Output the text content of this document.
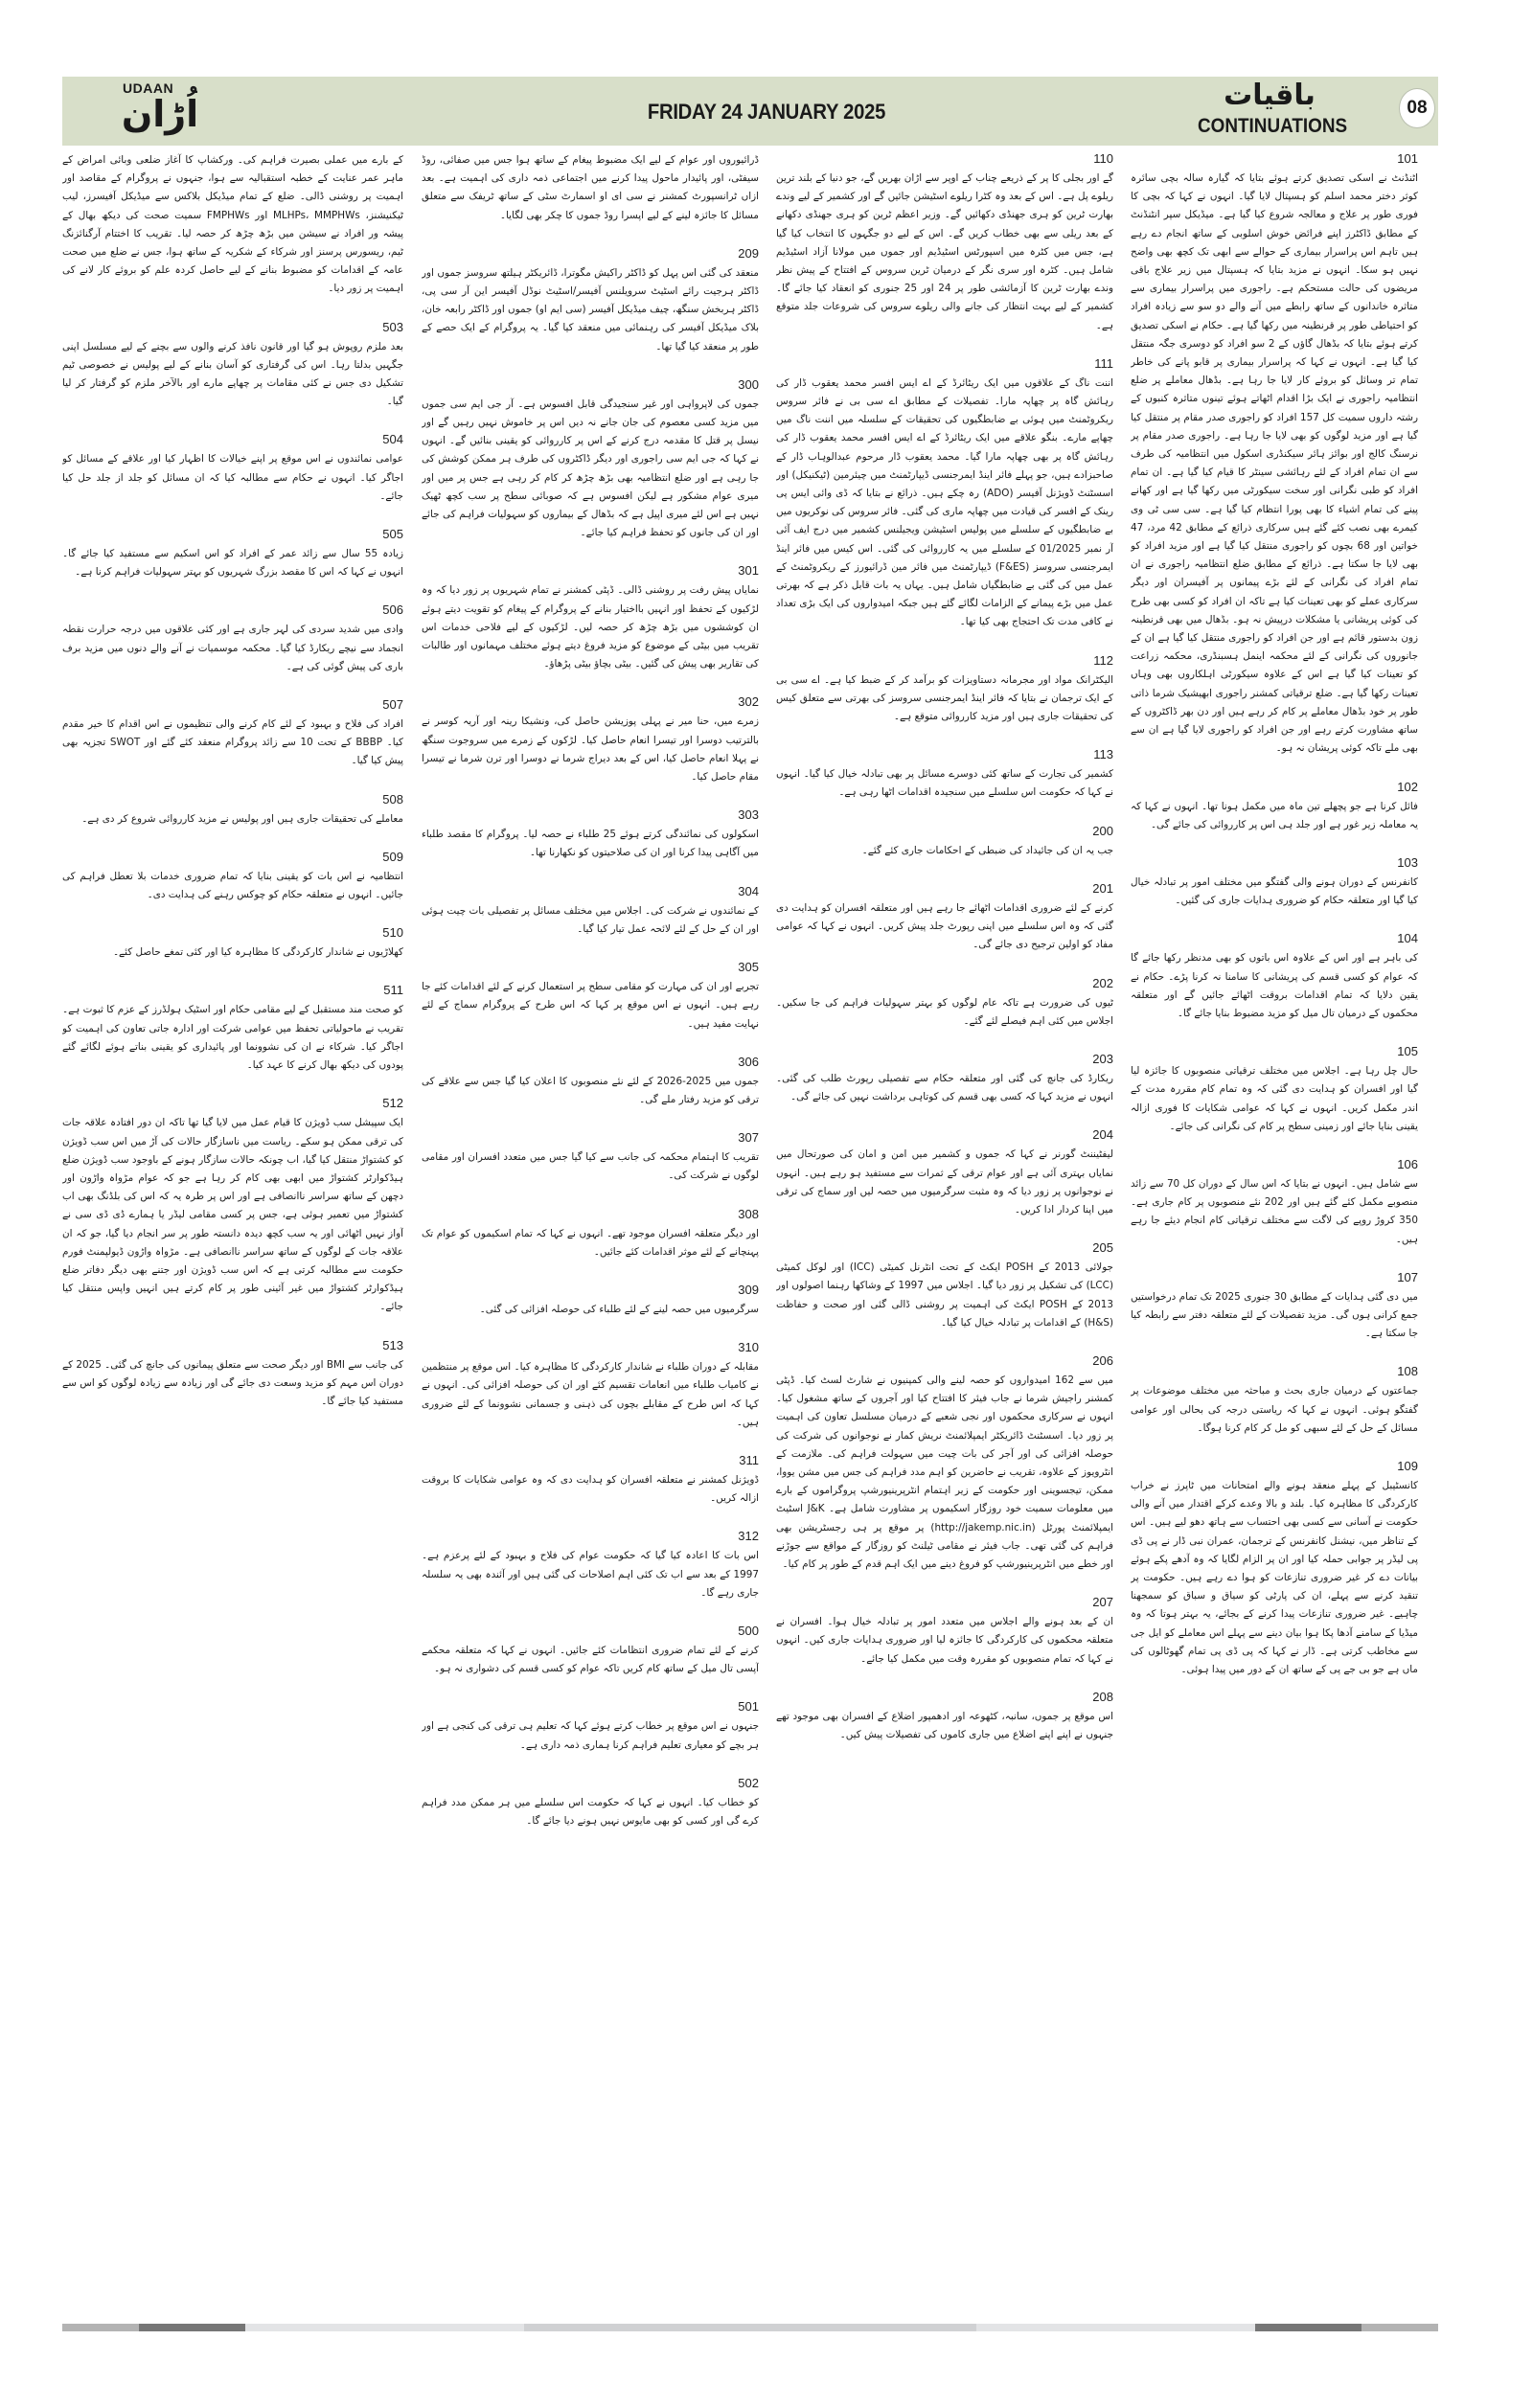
UDAAN
اُڑان	FRIDAY 24 JANUARY 2025	باقیات
CONTINUATIONS
08

کے بارے میں عملی بصیرت فراہم کی۔ ورکشاپ کا آغاز ضلعی وبائی امراض کے ماہر عمر عنایت کے خطبہ استقبالیہ سے ہوا، جنہوں نے پروگرام کے مقاصد اور اہمیت پر روشنی ڈالی۔ ضلع کے تمام میڈیکل بلاکس سے میڈیکل آفیسرز، لیب ٹیکنیشنز، MLHPs، MMPHWs اور FMPHWs سمیت صحت کی دیکھ بھال کے پیشہ ور افراد نے سیشن میں بڑھ چڑھ کر حصہ لیا۔ تقریب کا اختتام آرگنائزنگ ٹیم، ریسورس پرسنز اور شرکاء کے شکریہ کے ساتھ ہوا، جس نے ضلع میں صحت عامہ کے اقدامات کو مضبوط بنانے کے لیے حاصل کردہ علم کو بروئے کار لانے کی اہمیت پر زور دیا۔

503

بعد ملزم روپوش ہو گیا اور قانون نافذ کرنے والوں سے بچنے کے لیے مسلسل اپنی جگہیں بدلتا رہا۔ اس کی گرفتاری کو آسان بنانے کے لیے پولیس نے خصوصی ٹیم تشکیل دی جس نے کئی مقامات پر چھاپے مارے اور بالآخر ملزم کو گرفتار کر لیا گیا۔

504

عوامی نمائندوں نے اس موقع پر اپنے خیالات کا اظہار کیا اور علاقے کے مسائل کو اجاگر کیا۔ انہوں نے حکام سے مطالبہ کیا کہ ان مسائل کو جلد از جلد حل کیا جائے۔

505

زیادہ 55 سال سے زائد عمر کے افراد کو اس اسکیم سے مستفید کیا جائے گا۔ انہوں نے کہا کہ اس کا مقصد بزرگ شہریوں کو بہتر سہولیات فراہم کرنا ہے۔

506

وادی میں شدید سردی کی لہر جاری ہے اور کئی علاقوں میں درجہ حرارت نقطہ انجماد سے نیچے ریکارڈ کیا گیا۔ محکمہ موسمیات نے آنے والے دنوں میں مزید برف باری کی پیش گوئی کی ہے۔

507

افراد کی فلاح و بہبود کے لئے کام کرنے والی تنظیموں نے اس اقدام کا خیر مقدم کیا۔ BBBP کے تحت 10 سے زائد پروگرام منعقد کئے گئے اور SWOT تجزیہ بھی پیش کیا گیا۔

508

معاملے کی تحقیقات جاری ہیں اور پولیس نے مزید کارروائی شروع کر دی ہے۔

509

انتظامیہ نے اس بات کو یقینی بنایا کہ تمام ضروری خدمات بلا تعطل فراہم کی جائیں۔ انہوں نے متعلقہ حکام کو چوکس رہنے کی ہدایت دی۔

510

کھلاڑیوں نے شاندار کارکردگی کا مظاہرہ کیا اور کئی تمغے حاصل کئے۔

511

کو صحت مند مستقبل کے لیے مقامی حکام اور اسٹیک ہولڈرز کے عزم کا ثبوت ہے۔ تقریب نے ماحولیاتی تحفظ میں عوامی شرکت اور ادارہ جاتی تعاون کی اہمیت کو اجاگر کیا۔ شرکاء نے ان کی نشوونما اور پائیداری کو یقینی بناتے ہوئے لگائے گئے پودوں کی دیکھ بھال کرنے کا عہد کیا۔

512

ایک سپیشل سب ڈویژن کا قیام عمل میں لایا گیا تھا تاکہ ان دور افتادہ علاقہ جات کی ترقی ممکن ہو سکے۔ ریاست میں ناسازگار حالات کی آڑ میں اس سب ڈویژن کو کشتواڑ منتقل کیا گیا، اب چونکہ حالات سازگار ہونے کے باوجود سب ڈویژن ضلع ہیڈکوارٹر کشتواڑ میں ابھی بھی کام کر رہا ہے جو کہ عوام مڑواہ واڑون اور دچھن کے ساتھ سراسر ناانصافی ہے اور اس پر طرہ یہ کہ اس کی بلڈنگ بھی اب کشتواڑ میں تعمیر ہوئی ہے، جس پر کسی مقامی لیڈر یا ہمارے ڈی ڈی سی نے آواز نہیں اٹھائی اور یہ سب کچھ دیدہ دانستہ طور پر سر انجام دیا گیا، جو کہ ان علاقہ جات کے لوگوں کے ساتھ سراسر ناانصافی ہے۔ مڑواہ واڑون ڈیولپمنٹ فورم حکومت سے مطالبہ کرتی ہے کہ اس سب ڈویژن اور جتنے بھی دیگر دفاتر ضلع ہیڈکوارٹر کشتواڑ میں غیر آئینی طور پر کام کرتے ہیں انہیں واپس منتقل کیا جائے۔

513

کی جانب سے BMI اور دیگر صحت سے متعلق پیمانوں کی جانچ کی گئی۔ 2025 کے دوران اس مہم کو مزید وسعت دی جائے گی اور زیادہ سے زیادہ لوگوں کو اس سے مستفید کیا جائے گا۔

ڈرائیوروں اور عوام کے لیے ایک مضبوط پیغام کے ساتھ ہوا جس میں صفائی، روڈ سیفٹی، اور پائیدار ماحول پیدا کرنے میں اجتماعی ذمہ داری کی اہمیت ہے۔ بعد ازاں ٹرانسپورٹ کمشنر نے سی ای او اسمارٹ سٹی کے ساتھ ٹریفک سے متعلق مسائل کا جائزہ لینے کے لیے اپسرا روڈ جموں کا چکر بھی لگایا۔

209

منعقد کی گئی اس پہل کو ڈاکٹر راکیش مگوترا، ڈائریکٹر ہیلتھ سروسز جموں اور ڈاکٹر ہرجیت رائے اسٹیٹ سرویلنس آفیسر/اسٹیٹ نوڈل آفیسر این آر سی پی، ڈاکٹر ہربخش سنگھ، چیف میڈیکل آفیسر (سی ایم او) جموں اور ڈاکٹر رابعہ خان، بلاک میڈیکل آفیسر کی رہنمائی میں منعقد کیا گیا۔ یہ پروگرام کے ایک حصے کے طور پر منعقد کیا گیا تھا۔

300

جموں کی لاپرواہی اور غیر سنجیدگی قابل افسوس ہے۔ آر جی ایم سی جموں میں مزید کسی معصوم کی جان جانے نہ دیں اس پر خاموش نہیں رہیں گے اور نیسل پر قتل کا مقدمہ درج کرنے کے اس پر کارروائی کو یقینی بنائیں گے۔ انہوں نے کہا کہ جی ایم سی راجوری اور دیگر ڈاکٹروں کی طرف ہر ممکن کوشش کی جا رہی ہے اور ضلع انتظامیہ بھی بڑھ چڑھ کر کام کر رہی ہے جس پر میں اور میری عوام مشکور ہے لیکن افسوس ہے کہ صوبائی سطح پر سب کچھ ٹھیک نہیں ہے اس لئے میری اپیل ہے کہ بڈھال کے بیماروں کو سہولیات فراہم کی جائے اور ان کی جانوں کو تحفظ فراہم کیا جائے۔

301

نمایاں پیش رفت پر روشنی ڈالی۔ ڈپٹی کمشنر نے تمام شہریوں پر زور دیا کہ وہ لڑکیوں کے تحفظ اور انہیں بااختیار بنانے کے پروگرام کے پیغام کو تقویت دیتے ہوئے ان کوششوں میں بڑھ چڑھ کر حصہ لیں۔ لڑکیوں کے لیے فلاحی خدمات اس تقریب میں بیٹی کے موضوع کو مزید فروغ دیتے ہوئے مختلف مہمانوں اور طالبات کی تقاریر بھی پیش کی گئیں۔ بیٹی بچاؤ بیٹی پڑھاؤ۔

302

زمرے میں، حنا میر نے پہلی پوزیشن حاصل کی، ونشیکا رینہ اور آریہ کوسر نے بالترتیب دوسرا اور تیسرا انعام حاصل کیا۔ لڑکوں کے زمرے میں سروجوت سنگھ نے پہلا انعام حاصل کیا، اس کے بعد دیراج شرما نے دوسرا اور ترن شرما نے تیسرا مقام حاصل کیا۔

303

اسکولوں کی نمائندگی کرتے ہوئے 25 طلباء نے حصہ لیا۔ پروگرام کا مقصد طلباء میں آگاہی پیدا کرنا اور ان کی صلاحیتوں کو نکھارنا تھا۔

304

کے نمائندوں نے شرکت کی۔ اجلاس میں مختلف مسائل پر تفصیلی بات چیت ہوئی اور ان کے حل کے لئے لائحہ عمل تیار کیا گیا۔

305

تجربے اور ان کی مہارت کو مقامی سطح پر استعمال کرنے کے لئے اقدامات کئے جا رہے ہیں۔ انہوں نے اس موقع پر کہا کہ اس طرح کے پروگرام سماج کے لئے نہایت مفید ہیں۔

306

جموں میں 2025-2026 کے لئے نئے منصوبوں کا اعلان کیا گیا جس سے علاقے کی ترقی کو مزید رفتار ملے گی۔

307

تقریب کا اہتمام محکمہ کی جانب سے کیا گیا جس میں متعدد افسران اور مقامی لوگوں نے شرکت کی۔

308

اور دیگر متعلقہ افسران موجود تھے۔ انہوں نے کہا کہ تمام اسکیموں کو عوام تک پہنچانے کے لئے موثر اقدامات کئے جائیں۔

309

سرگرمیوں میں حصہ لینے کے لئے طلباء کی حوصلہ افزائی کی گئی۔

310

مقابلہ کے دوران طلباء نے شاندار کارکردگی کا مظاہرہ کیا۔ اس موقع پر منتظمین نے کامیاب طلباء میں انعامات تقسیم کئے اور ان کی حوصلہ افزائی کی۔ انہوں نے کہا کہ اس طرح کے مقابلے بچوں کی ذہنی و جسمانی نشوونما کے لئے ضروری ہیں۔

311

ڈویژنل کمشنر نے متعلقہ افسران کو ہدایت دی کہ وہ عوامی شکایات کا بروقت ازالہ کریں۔

312

اس بات کا اعادہ کیا گیا کہ حکومت عوام کی فلاح و بہبود کے لئے پرعزم ہے۔ 1997 کے بعد سے اب تک کئی اہم اصلاحات کی گئی ہیں اور آئندہ بھی یہ سلسلہ جاری رہے گا۔

500

کرنے کے لئے تمام ضروری انتظامات کئے جائیں۔ انہوں نے کہا کہ متعلقہ محکمے آپسی تال میل کے ساتھ کام کریں تاکہ عوام کو کسی قسم کی دشواری نہ ہو۔

501

جنہوں نے اس موقع پر خطاب کرتے ہوئے کہا کہ تعلیم ہی ترقی کی کنجی ہے اور ہر بچے کو معیاری تعلیم فراہم کرنا ہماری ذمہ داری ہے۔

502

کو خطاب کیا۔ انہوں نے کہا کہ حکومت اس سلسلے میں ہر ممکن مدد فراہم کرے گی اور کسی کو بھی مایوس نہیں ہونے دیا جائے گا۔

110

گے اور بجلی کا پر کے ذریعے چناب کے اوپر سے اڑان بھریں گے، جو دنیا کے بلند ترین ریلوے پل ہے۔ اس کے بعد وہ کٹرا ریلوے اسٹیشن جائیں گے اور کشمیر کے لیے وندے بھارت ٹرین کو ہری جھنڈی دکھائیں گے۔ وزیر اعظم ٹرین کو ہری جھنڈی دکھانے کے بعد ریلی سے بھی خطاب کریں گے۔ اس کے لیے دو جگہوں کا انتخاب کیا گیا ہے، جس میں کٹرہ میں اسپورٹس اسٹیڈیم اور جموں میں مولانا آزاد اسٹیڈیم شامل ہیں۔ کٹرہ اور سری نگر کے درمیان ٹرین سروس کے افتتاح کے پیش نظر وندے بھارت ٹرین کا آزمائشی طور پر 24 اور 25 جنوری کو انعقاد کیا جائے گا۔ کشمیر کے لیے بہت انتظار کی جانے والی ریلوے سروس کی شروعات جلد متوقع ہے۔

111

اننت ناگ کے علاقوں میں ایک ریٹائرڈ کے اے ایس افسر محمد یعقوب ڈار کی رہائش گاہ پر چھاپہ مارا۔ تفصیلات کے مطابق اے سی بی نے فائر سروس ریکروٹمنٹ میں ہوئی بے ضابطگیوں کی تحقیقات کے سلسلہ میں اننت ناگ میں چھاپے مارے۔ بنگو علاقے میں ایک ریٹائرڈ کے اے ایس افسر محمد یعقوب ڈار کی رہائش گاہ پر بھی چھاپہ مارا گیا۔ محمد یعقوب ڈار مرحوم عبدالوہاب ڈار کے صاحبزادے ہیں، جو پہلے فائر اینڈ ایمرجنسی ڈیپارٹمنٹ میں چیئرمین (ٹیکنیکل) اور اسسٹنٹ ڈویژنل آفیسر (ADO) رہ چکے ہیں۔ ذرائع نے بتایا کہ ڈی وائی ایس پی رینک کے افسر کی قیادت میں چھاپہ ماری کی گئی۔ فائر سروس کی نوکریوں میں بے ضابطگیوں کے سلسلے میں پولیس اسٹیشن ویجیلنس کشمیر میں درج ایف آئی آر نمبر 01/2025 کے سلسلے میں یہ کارروائی کی گئی۔ اس کیس میں فائر اینڈ ایمرجنسی سروسز (F&ES) ڈیپارٹمنٹ میں فائر مین ڈرائیورز کے ریکروٹمنٹ کے عمل میں کی گئی بے ضابطگیاں شامل ہیں۔ یہاں یہ بات قابل ذکر ہے کہ بھرتی عمل میں بڑے پیمانے کے الزامات لگائے گئے ہیں جبکہ امیدواروں کی ایک بڑی تعداد نے کافی مدت تک احتجاج بھی کیا تھا۔

112

الیکٹرانک مواد اور مجرمانہ دستاویزات کو برآمد کر کے ضبط کیا ہے۔ اے سی بی کے ایک ترجمان نے بتایا کہ فائر اینڈ ایمرجنسی سروسز کی بھرتی سے متعلق کیس کی تحقیقات جاری ہیں اور مزید کارروائی متوقع ہے۔

113

کشمیر کی تجارت کے ساتھ کئی دوسرے مسائل پر بھی تبادلہ خیال کیا گیا۔ انہوں نے کہا کہ حکومت اس سلسلے میں سنجیدہ اقدامات اٹھا رہی ہے۔

200

جب یہ ان کی جائیداد کی ضبطی کے احکامات جاری کئے گئے۔

201

کرنے کے لئے ضروری اقدامات اٹھائے جا رہے ہیں اور متعلقہ افسران کو ہدایت دی گئی کہ وہ اس سلسلے میں اپنی رپورٹ جلد پیش کریں۔ انہوں نے کہا کہ عوامی مفاد کو اولین ترجیح دی جائے گی۔

202

ٹیوں کی ضرورت ہے تاکہ عام لوگوں کو بہتر سہولیات فراہم کی جا سکیں۔ اجلاس میں کئی اہم فیصلے لئے گئے۔

203

ریکارڈ کی جانچ کی گئی اور متعلقہ حکام سے تفصیلی رپورٹ طلب کی گئی۔ انہوں نے مزید کہا کہ کسی بھی قسم کی کوتاہی برداشت نہیں کی جائے گی۔

204

لیفٹیننٹ گورنر نے کہا کہ جموں و کشمیر میں امن و امان کی صورتحال میں نمایاں بہتری آئی ہے اور عوام ترقی کے ثمرات سے مستفید ہو رہے ہیں۔ انہوں نے نوجوانوں پر زور دیا کہ وہ مثبت سرگرمیوں میں حصہ لیں اور سماج کی ترقی میں اپنا کردار ادا کریں۔

205

جولائی 2013 کے POSH ایکٹ کے تحت انٹرنل کمیٹی (ICC) اور لوکل کمیٹی (LCC) کی تشکیل پر زور دیا گیا۔ اجلاس میں 1997 کے وشاکھا رہنما اصولوں اور 2013 کے POSH ایکٹ کی اہمیت پر روشنی ڈالی گئی اور صحت و حفاظت (H&S) کے اقدامات پر تبادلہ خیال کیا گیا۔

206

میں سے 162 امیدواروں کو حصہ لینے والی کمپنیوں نے شارٹ لسٹ کیا۔ ڈپٹی کمشنر راجیش شرما نے جاب فیئر کا افتتاح کیا اور آجروں کے ساتھ مشغول کیا۔ انہوں نے سرکاری محکموں اور نجی شعبے کے درمیان مسلسل تعاون کی اہمیت پر زور دیا۔ اسسٹنٹ ڈائریکٹر ایمپلائمنٹ نریش کمار نے نوجوانوں کی شرکت کی حوصلہ افزائی کی اور آجر کی بات چیت میں سہولت فراہم کی۔ ملازمت کے انٹرویوز کے علاوہ، تقریب نے حاضرین کو اہم مدد فراہم کی جس میں مشن یووا، ممکن، تیجسوینی اور حکومت کے زیر اہتمام انٹرپرینیورشپ پروگراموں کے بارے میں معلومات سمیت خود روزگار اسکیموں پر مشاورت شامل ہے۔ J&K اسٹیٹ ایمپلائمنٹ پورٹل (http://jakemp.nic.in) پر موقع پر ہی رجسٹریشن بھی فراہم کی گئی تھی۔ جاب فیئر نے مقامی ٹیلنٹ کو روزگار کے مواقع سے جوڑنے اور خطے میں انٹرپرینیورشپ کو فروغ دینے میں ایک اہم قدم کے طور پر کام کیا۔

207

ان کے بعد ہونے والے اجلاس میں متعدد امور پر تبادلہ خیال ہوا۔ افسران نے متعلقہ محکموں کی کارکردگی کا جائزہ لیا اور ضروری ہدایات جاری کیں۔ انہوں نے کہا کہ تمام منصوبوں کو مقررہ وقت میں مکمل کیا جائے۔

208

اس موقع پر جموں، سانبہ، کٹھوعہ اور ادھمپور اضلاع کے افسران بھی موجود تھے جنہوں نے اپنے اپنے اضلاع میں جاری کاموں کی تفصیلات پیش کیں۔

101

اٹنڈنٹ نے اسکی تصدیق کرتے ہوئے بتایا کہ گیارہ سالہ بچی سائرہ کوثر دختر محمد اسلم کو ہسپتال لایا گیا۔ انہوں نے کہا کہ بچی کا فوری طور پر علاج و معالجہ شروع کیا گیا ہے۔ میڈیکل سپر انٹنڈنٹ کے مطابق ڈاکٹرز اپنے فرائض خوش اسلوبی کے ساتھ انجام دے رہے ہیں تاہم اس پراسرار بیماری کے حوالے سے ابھی تک کچھ بھی واضح نہیں ہو سکا۔ انہوں نے مزید بتایا کہ ہسپتال میں زیر علاج باقی مریضوں کی حالت مستحکم ہے۔ راجوری میں پراسرار بیماری سے متاثرہ خاندانوں کے ساتھ رابطے میں آنے والے دو سو سے زیادہ افراد کو احتیاطی طور پر قرنطینہ میں رکھا گیا ہے۔ حکام نے اسکی تصدیق کرتے ہوئے بتایا کہ بڈھال گاؤں کے 2 سو افراد کو دوسری جگہ منتقل کیا گیا ہے۔ انہوں نے کہا کہ پراسرار بیماری پر قابو پانے کی خاطر تمام تر وسائل کو بروئے کار لایا جا رہا ہے۔ بڈھال معاملے پر ضلع انتظامیہ راجوری نے ایک بڑا اقدام اٹھاتے ہوئے تینوں متاثرہ کنبوں کے رشتہ داروں سمیت کل 157 افراد کو راجوری صدر مقام پر منتقل کیا گیا ہے اور مزید لوگوں کو بھی لایا جا رہا ہے۔ راجوری صدر مقام پر نرسنگ کالج اور بوائز ہائر سیکنڈری اسکول میں انتظامیہ کی طرف سے ان تمام افراد کے لئے رہائشی سینٹر کا قیام کیا گیا ہے۔ ان تمام افراد کو طبی نگرانی اور سخت سیکورٹی میں رکھا گیا ہے اور کھانے پینے کی تمام اشیاء کا بھی پورا انتظام کیا گیا ہے۔ سی سی ٹی وی کیمرے بھی نصب کئے گئے ہیں سرکاری ذرائع کے مطابق 42 مرد، 47 خواتین اور 68 بچوں کو راجوری منتقل کیا گیا ہے اور مزید افراد کو بھی لایا جا سکتا ہے۔ ذرائع کے مطابق ضلع انتظامیہ راجوری نے ان تمام افراد کی نگرانی کے لئے بڑے پیمانوں پر آفیسران اور دیگر سرکاری عملے کو بھی تعینات کیا ہے تاکہ ان افراد کو کسی بھی طرح کی کوئی پریشانی یا مشکلات درپیش نہ ہو۔ بڈھال میں بھی قرنطینہ زون بدستور قائم ہے اور جن افراد کو راجوری منتقل کیا گیا ہے ان کے جانوروں کی نگرانی کے لئے محکمہ اینمل ہسبنڈری، محکمہ زراعت کو تعینات کیا گیا ہے اس کے علاوہ سیکورٹی اہلکاروں بھی وہاں تعینات رکھا گیا ہے۔ ضلع ترقیاتی کمشنر راجوری ابھیشیک شرما ذاتی طور پر خود بڈھال معاملے پر کام کر رہے ہیں اور دن بھر ڈاکٹروں کے ساتھ مشاورت کرتے رہے اور جن افراد کو راجوری لایا گیا ہے ان سے بھی ملے تاکہ کوئی پریشان نہ ہو۔

102

فائل کرنا ہے جو پچھلے تین ماہ میں مکمل ہونا تھا۔ انہوں نے کہا کہ یہ معاملہ زیر غور ہے اور جلد ہی اس پر کارروائی کی جائے گی۔

103

کانفرنس کے دوران ہونے والی گفتگو میں مختلف امور پر تبادلہ خیال کیا گیا اور متعلقہ حکام کو ضروری ہدایات جاری کی گئیں۔

104

کی باہر ہے اور اس کے علاوہ اس باتوں کو بھی مدنظر رکھا جائے گا کہ عوام کو کسی قسم کی پریشانی کا سامنا نہ کرنا پڑے۔ حکام نے یقین دلایا کہ تمام اقدامات بروقت اٹھائے جائیں گے اور متعلقہ محکموں کے درمیان تال میل کو مزید مضبوط بنایا جائے گا۔

105

حال چل رہا ہے۔ اجلاس میں مختلف ترقیاتی منصوبوں کا جائزہ لیا گیا اور افسران کو ہدایت دی گئی کہ وہ تمام کام مقررہ مدت کے اندر مکمل کریں۔ انہوں نے کہا کہ عوامی شکایات کا فوری ازالہ یقینی بنایا جائے اور زمینی سطح پر کام کی نگرانی کی جائے۔

106

سے شامل ہیں۔ انہوں نے بتایا کہ اس سال کے دوران کل 70 سے زائد منصوبے مکمل کئے گئے ہیں اور 202 نئے منصوبوں پر کام جاری ہے۔ 350 کروڑ روپے کی لاگت سے مختلف ترقیاتی کام انجام دیئے جا رہے ہیں۔

107

میں دی گئی ہدایات کے مطابق 30 جنوری 2025 تک تمام درخواستیں جمع کرانی ہوں گی۔ مزید تفصیلات کے لئے متعلقہ دفتر سے رابطہ کیا جا سکتا ہے۔

108

جماعتوں کے درمیان جاری بحث و مباحثہ میں مختلف موضوعات پر گفتگو ہوئی۔ انہوں نے کہا کہ ریاستی درجہ کی بحالی اور عوامی مسائل کے حل کے لئے سبھی کو مل کر کام کرنا ہوگا۔

109

کانسٹیبل کے پہلے منعقد ہونے والے امتحانات میں ٹاپرز نے خراب کارکردگی کا مظاہرہ کیا۔ بلند و بالا وعدے کرکے اقتدار میں آنے والی حکومت نے آسانی سے کسی بھی احتساب سے ہاتھ دھو لیے ہیں۔ اس کے تناظر میں، نیشنل کانفرنس کے ترجمان، عمران نبی ڈار نے پی ڈی پی لیڈر پر جوابی حملہ کیا اور ان پر الزام لگایا کہ وہ آدھے پکے ہوئے بیانات دے کر غیر ضروری تنازعات کو ہوا دے رہے ہیں۔ حکومت پر تنقید کرنے سے پہلے، ان کی پارٹی کو سیاق و سباق کو سمجھنا چاہیے۔ غیر ضروری تنازعات پیدا کرنے کے بجائے، یہ بہتر ہوتا کہ وہ میڈیا کے سامنے آدھا پکا ہوا بیان دینے سے پہلے اس معاملے کو ایل جی سے مخاطب کرتی ہے۔ ڈار نے کہا کہ پی ڈی پی تمام گھوٹالوں کی ماں ہے جو بی جے پی کے ساتھ ان کے دور میں پیدا ہوئی۔
